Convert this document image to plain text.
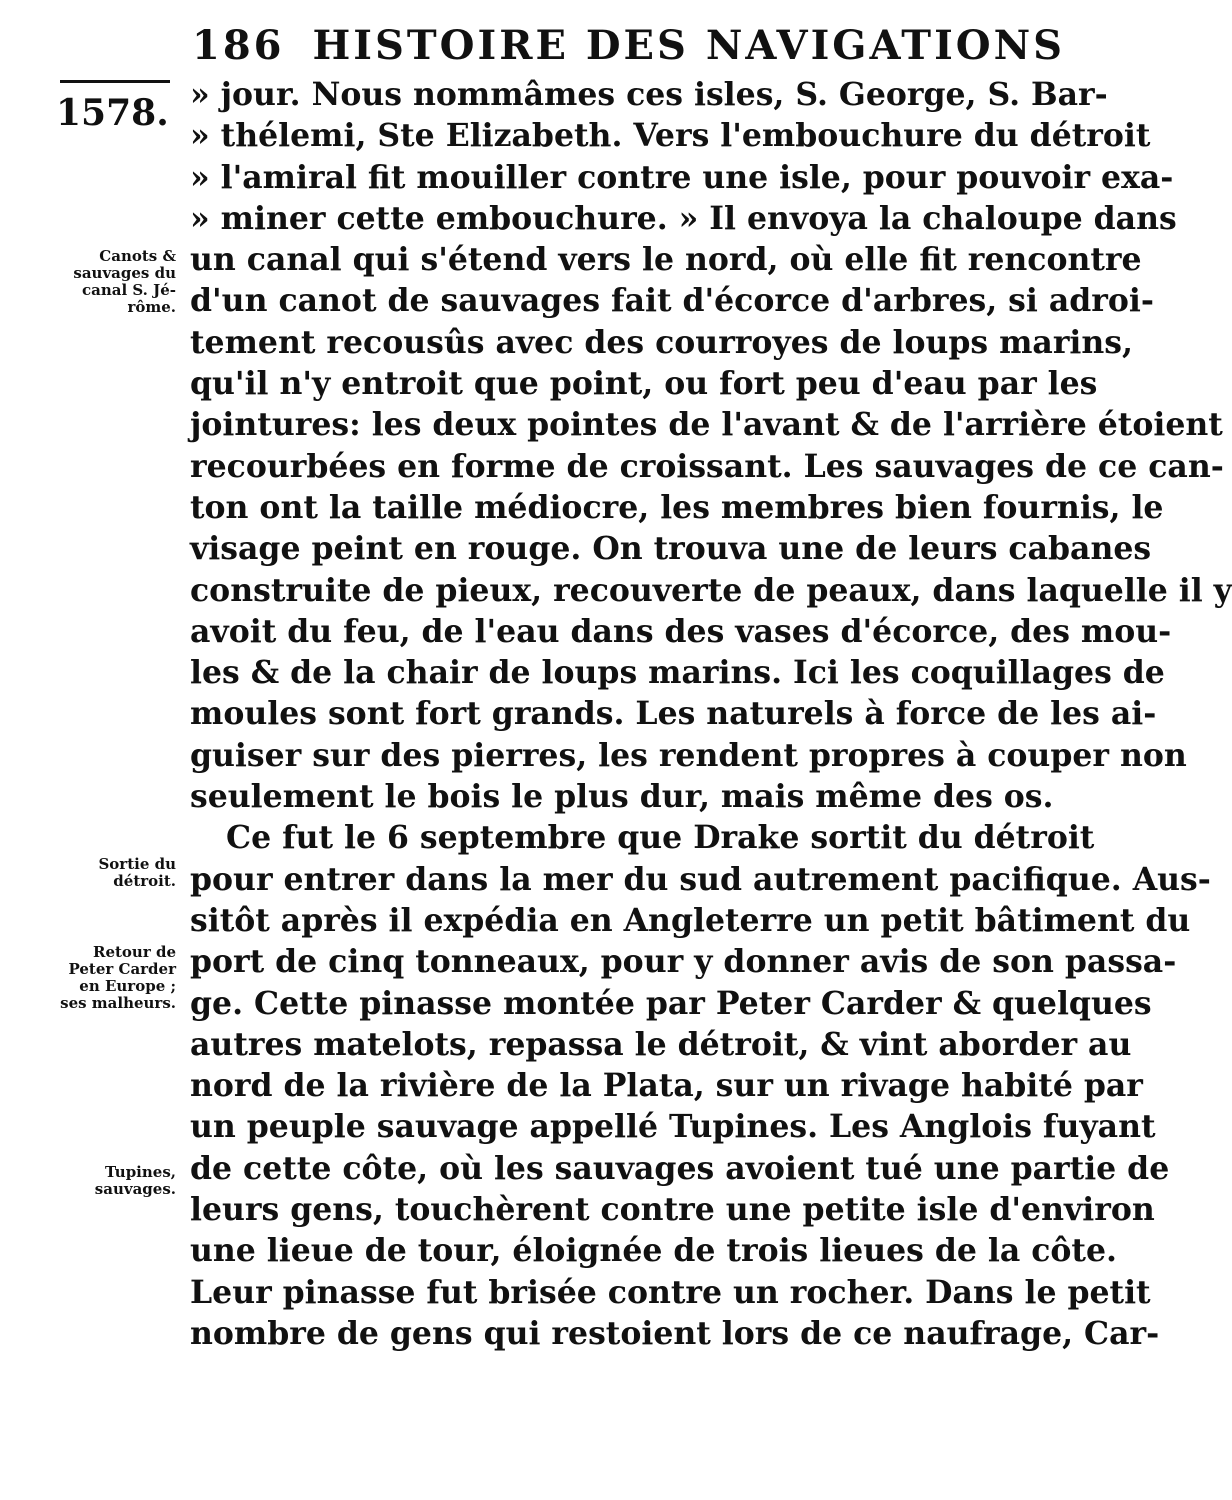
186 HISTOIRE DES NAVIGATIONS
1578.
Canots &
sauvages du
canal S. Jé-
rôme.
Sortie du
détroit.
Retour de
Peter Carder
en Europe ;
ses malheurs.
Tupines,
sauvages.
» jour. Nous nommâmes ces isles, S. George, S. Bar-
» thélemi, Ste Elizabeth. Vers l'embouchure du détroit
» l'amiral fit mouiller contre une isle, pour pouvoir exa-
» miner cette embouchure. » Il envoya la chaloupe dans
un canal qui s'étend vers le nord, où elle fit rencontre
d'un canot de sauvages fait d'écorce d'arbres, si adroi-
tement recousûs avec des courroyes de loups marins,
qu'il n'y entroit que point, ou fort peu d'eau par les
jointures: les deux pointes de l'avant & de l'arrière étoient
recourbées en forme de croissant. Les sauvages de ce can-
ton ont la taille médiocre, les membres bien fournis, le
visage peint en rouge. On trouva une de leurs cabanes
construite de pieux, recouverte de peaux, dans laquelle il y
avoit du feu, de l'eau dans des vases d'écorce, des mou-
les & de la chair de loups marins. Ici les coquillages de
moules sont fort grands. Les naturels à force de les ai-
guiser sur des pierres, les rendent propres à couper non
seulement le bois le plus dur, mais même des os.
Ce fut le 6 septembre que Drake sortit du détroit
pour entrer dans la mer du sud autrement pacifique. Aus-
sitôt après il expédia en Angleterre un petit bâtiment du
port de cinq tonneaux, pour y donner avis de son passa-
ge. Cette pinasse montée par Peter Carder & quelques
autres matelots, repassa le détroit, & vint aborder au
nord de la rivière de la Plata, sur un rivage habité par
un peuple sauvage appellé Tupines. Les Anglois fuyant
de cette côte, où les sauvages avoient tué une partie de
leurs gens, touchèrent contre une petite isle d'environ
une lieue de tour, éloignée de trois lieues de la côte.
Leur pinasse fut brisée contre un rocher. Dans le petit
nombre de gens qui restoient lors de ce naufrage, Car-
